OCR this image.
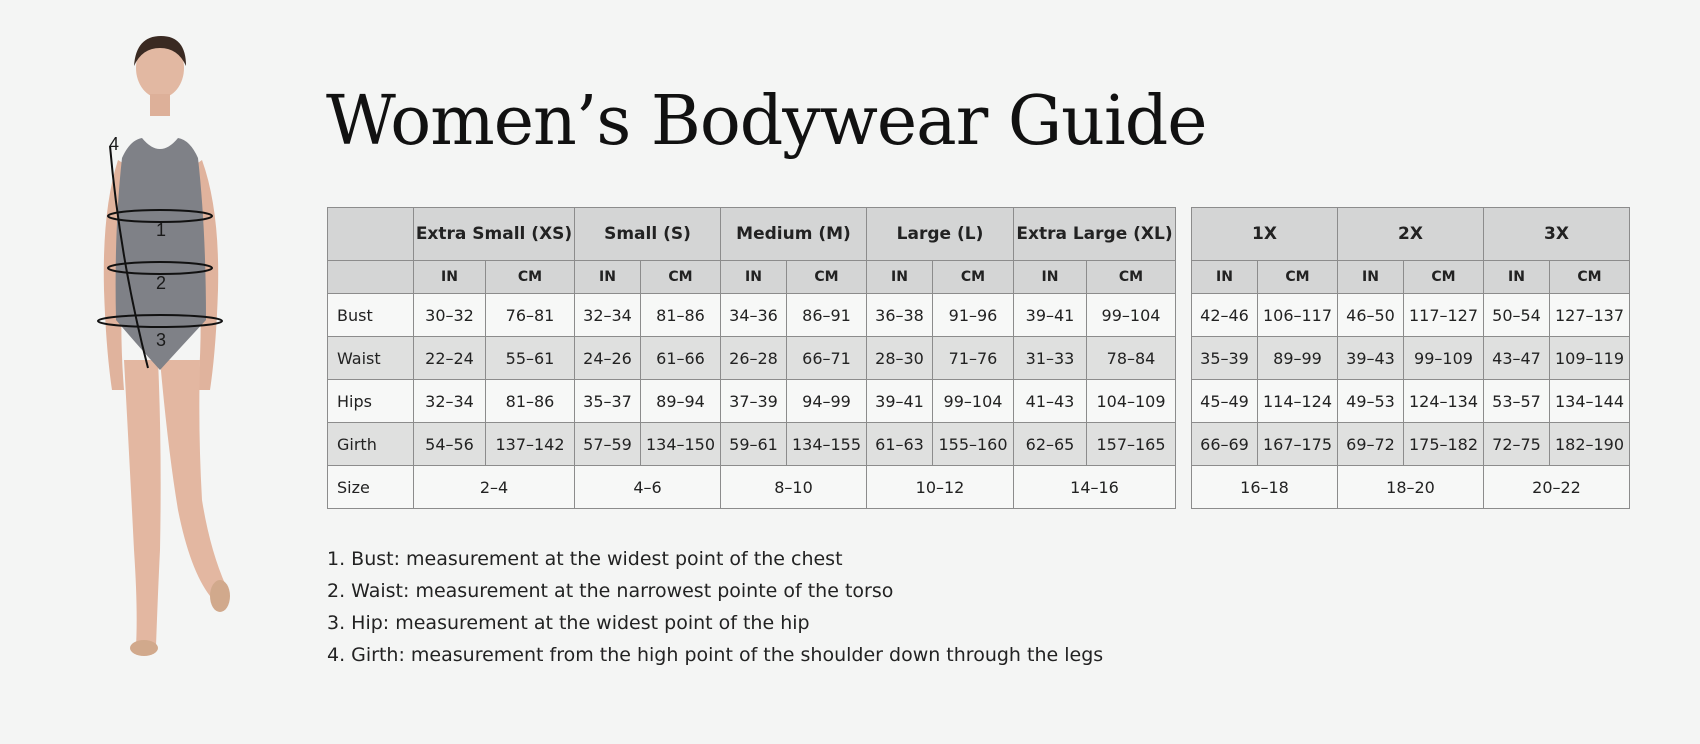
4
1
2
3
Women’s Bodywear Guide
	Extra Small (XS)		Small (S)		Medium (M)		Large (L)		Extra Large (XL)	
	IN	CM	IN	CM	IN	CM	IN	CM	IN	CM
Bust	30–32	76–81	32–34	81–86	34–36	86–91	36–38	91–96	39–41	99–104
Waist	22–24	55–61	24–26	61–66	26–28	66–71	28–30	71–76	31–33	78–84
Hips	32–34	81–86	35–37	89–94	37–39	94–99	39–41	99–104	41–43	104–109
Girth	54–56	137–142	57–59	134–150	59–61	134–155	61–63	155–160	62–65	157–165
Size	2–4		4–6		8–10		10–12		14–16	
1X		2X		3X	
IN	CM	IN	CM	IN	CM
42–46	106–117	46–50	117–127	50–54	127–137
35–39	89–99	39–43	99–109	43–47	109–119
45–49	114–124	49–53	124–134	53–57	134–144
66–69	167–175	69–72	175–182	72–75	182–190
16–18		18–20		20–22	
1. Bust: measurement at the widest point of the chest
2. Waist: measurement at the narrowest pointe of the torso
3. Hip: measurement at the widest point of the hip
4. Girth: measurement from the high point of the shoulder down through the legs
